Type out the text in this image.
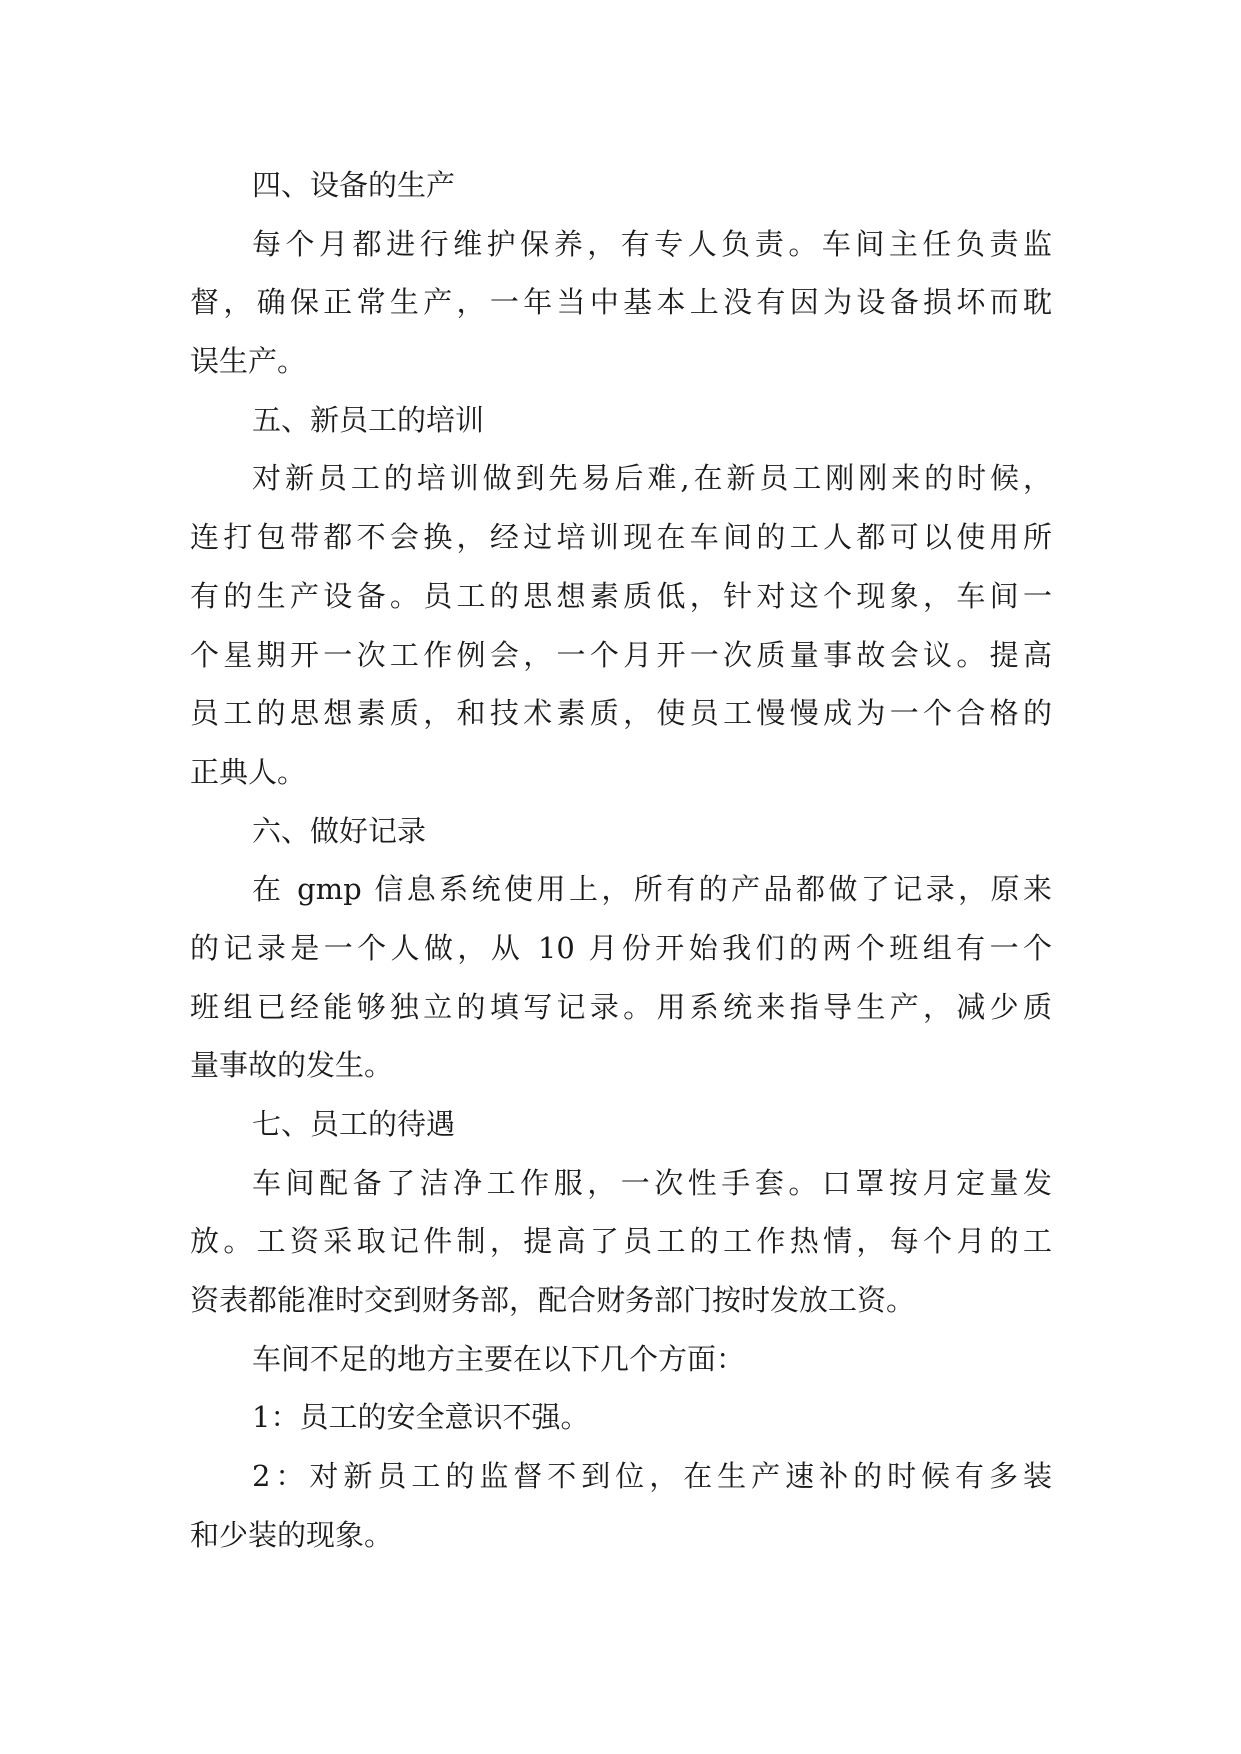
四、设备的生产
每个月都进行维护保养，有专人负责。车间主任负责监
督，确保正常生产，一年当中基本上没有因为设备损坏而耽
误生产。
五、新员工的培训
对新员工的培训做到先易后难,在新员工刚刚来的时候，
连打包带都不会换，经过培训现在车间的工人都可以使用所
有的生产设备。员工的思想素质低，针对这个现象，车间一
个星期开一次工作例会，一个月开一次质量事故会议。提高
员工的思想素质，和技术素质，使员工慢慢成为一个合格的
正典人。
六、做好记录
在 gmp 信息系统使用上，所有的产品都做了记录，原来
的记录是一个人做，从 10 月份开始我们的两个班组有一个
班组已经能够独立的填写记录。用系统来指导生产，减少质
量事故的发生。
七、员工的待遇
车间配备了洁净工作服，一次性手套。口罩按月定量发
放。工资采取记件制，提高了员工的工作热情，每个月的工
资表都能准时交到财务部，配合财务部门按时发放工资。
车间不足的地方主要在以下几个方面：
1：员工的安全意识不强。
2：对新员工的监督不到位，在生产速补的时候有多装
和少装的现象。
